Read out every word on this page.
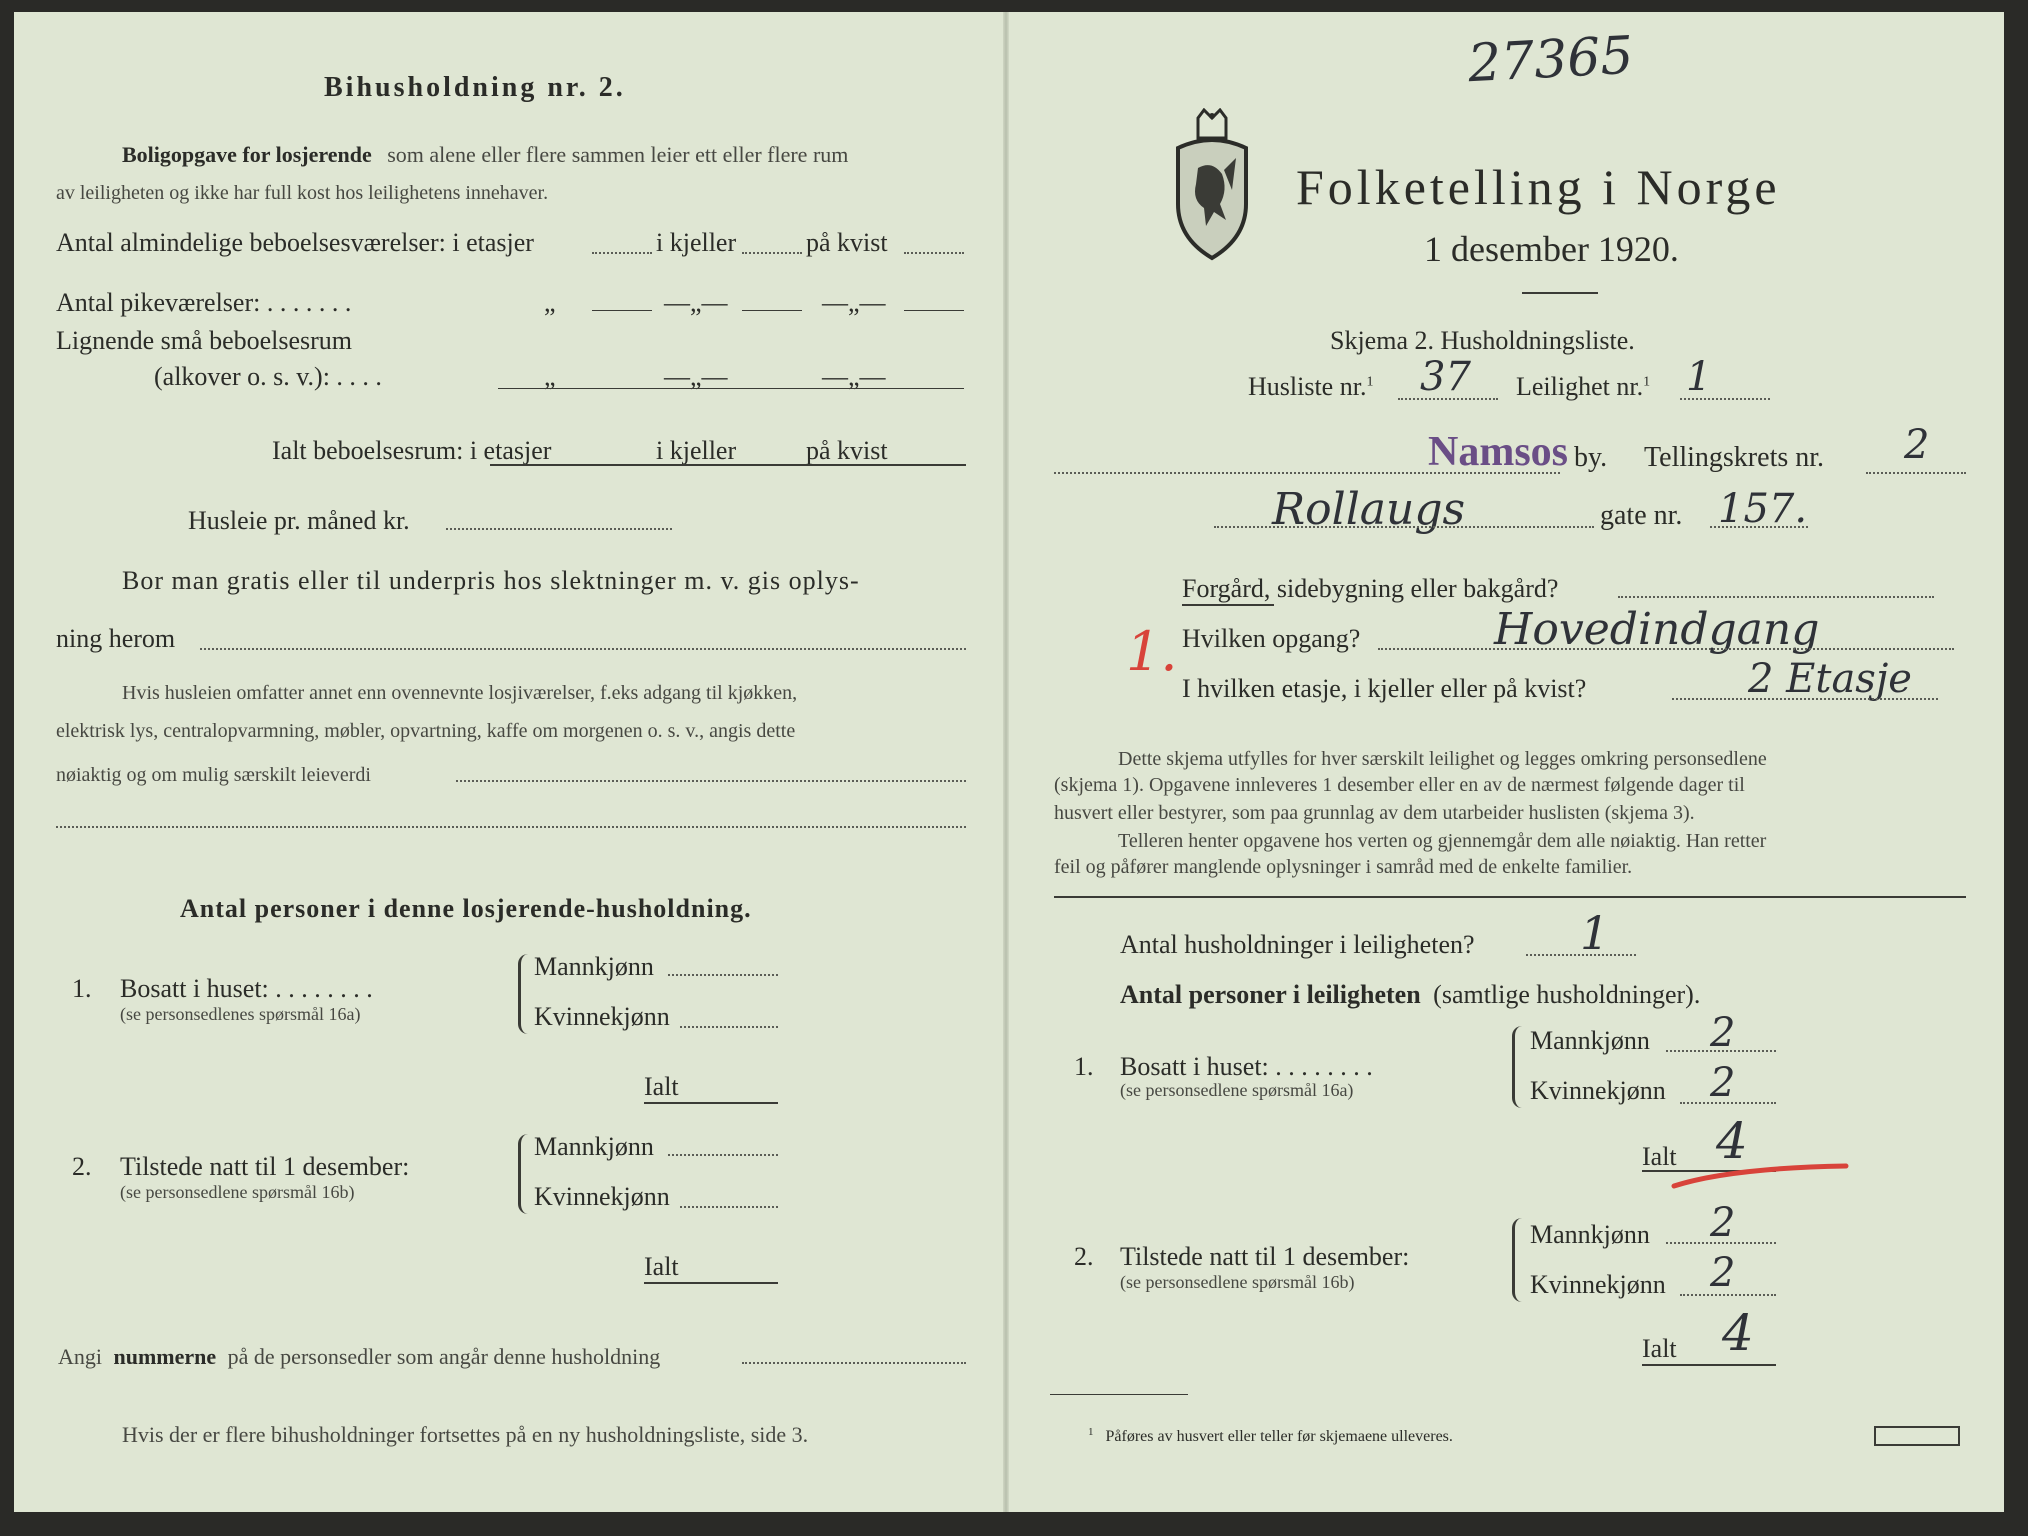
Bihusholdning nr. 2.
Boligopgave for losjerende som alene eller flere sammen leier ett eller flere rum
av leiligheten og ikke har full kost hos leilighetens innehaver.
Antal almindelige beboelsesværelser: i etasjer	i kjeller	på kvist
Antal pikeværelser: . . . . . . .	„	—„—	—„—
Lignende små beboelsesrum
(alkover o. s. v.): . . . .	„	—„—	—„—
Ialt beboelsesrum: i etasjer	i kjeller	på kvist
Husleie pr. måned kr.
Bor man gratis eller til underpris hos slektninger m. v. gis oplys-
ning herom
Hvis husleien omfatter annet enn ovennevnte losjiværelser, f.eks adgang til kjøkken,
elektrisk lys, centralopvarmning, møbler, opvartning, kaffe om morgenen o. s. v., angis dette
nøiaktig og om mulig særskilt leieverdi
Antal personer i denne losjerende-husholdning.
1. Bosatt i huset: . . . . . . . .
(se personsedlenes spørsmål 16a)
Mannkjønn
Kvinnekjønn
Ialt
2. Tilstede natt til 1 desember:
(se personsedlene spørsmål 16b)
Mannkjønn
Kvinnekjønn
Ialt
Angi nummerne på de personsedler som angår denne husholdning
Hvis der er flere bihusholdninger fortsettes på en ny husholdningsliste, side 3.
27365
Folketelling i Norge
1 desember 1920.
Skjema 2. Husholdningsliste.
Husliste nr.$^1$ 37 Leilighet nr.$^1$ 1
Namsos by. Tellingskrets nr. 2
Rollaugs	gate nr. 157.
Forgård, sidebygning eller bakgård?
1. Hvilken opgang?	Hovedindgang
I hvilken etasje, i kjeller eller på kvist?	2 Etasje
Dette skjema utfylles for hver særskilt leilighet og legges omkring personsedlene
(skjema 1). Opgavene innleveres 1 desember eller en av de nærmest følgende dager til
husvert eller bestyrer, som paa grunnlag av dem utarbeider huslisten (skjema 3).
Telleren henter opgavene hos verten og gjennemgår dem alle nøiaktig. Han retter
feil og påfører manglende oplysninger i samråd med de enkelte familier.
Antal husholdninger i leiligheten? 1
Antal personer i leiligheten (samtlige husholdninger).
1. Bosatt i huset: . . . . . . . .
(se personsedlene spørsmål 16a)
Mannkjønn 2
Kvinnekjønn 2
Ialt 4
2. Tilstede natt til 1 desember:
(se personsedlene spørsmål 16b)
Mannkjønn 2
Kvinnekjønn 2
Ialt 4
$^1$ Påføres av husvert eller teller før skjemaene ulleveres.
